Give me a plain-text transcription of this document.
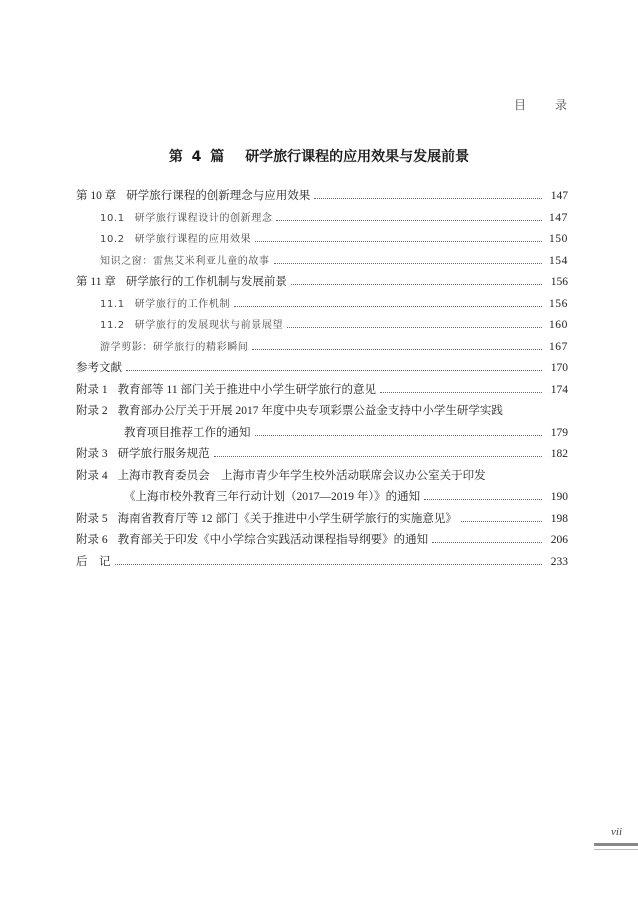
目 录
第 4 篇 研学旅行课程的应用效果与发展前景
第 10 章 研学旅行课程的创新理念与应用效果	147
10.1 研学旅行课程设计的创新理念	147
10.2 研学旅行课程的应用效果	150
知识之窗：雷焦艾米利亚儿童的故事	154
第 11 章 研学旅行的工作机制与发展前景	156
11.1 研学旅行的工作机制	156
11.2 研学旅行的发展现状与前景展望	160
游学剪影：研学旅行的精彩瞬间	167
参考文献	170
附录 1 教育部等 11 部门关于推进中小学生研学旅行的意见	174
附录 2 教育部办公厅关于开展 2017 年度中央专项彩票公益金支持中小学生研学实践
教育项目推荐工作的通知	179
附录 3 研学旅行服务规范	182
附录 4 上海市教育委员会　上海市青少年学生校外活动联席会议办公室关于印发
《上海市校外教育三年行动计划（2017—2019 年）》的通知	190
附录 5 海南省教育厅等 12 部门《关于推进中小学生研学旅行的实施意见》	198
附录 6 教育部关于印发《中小学综合实践活动课程指导纲要》的通知	206
后　记	233
vii
